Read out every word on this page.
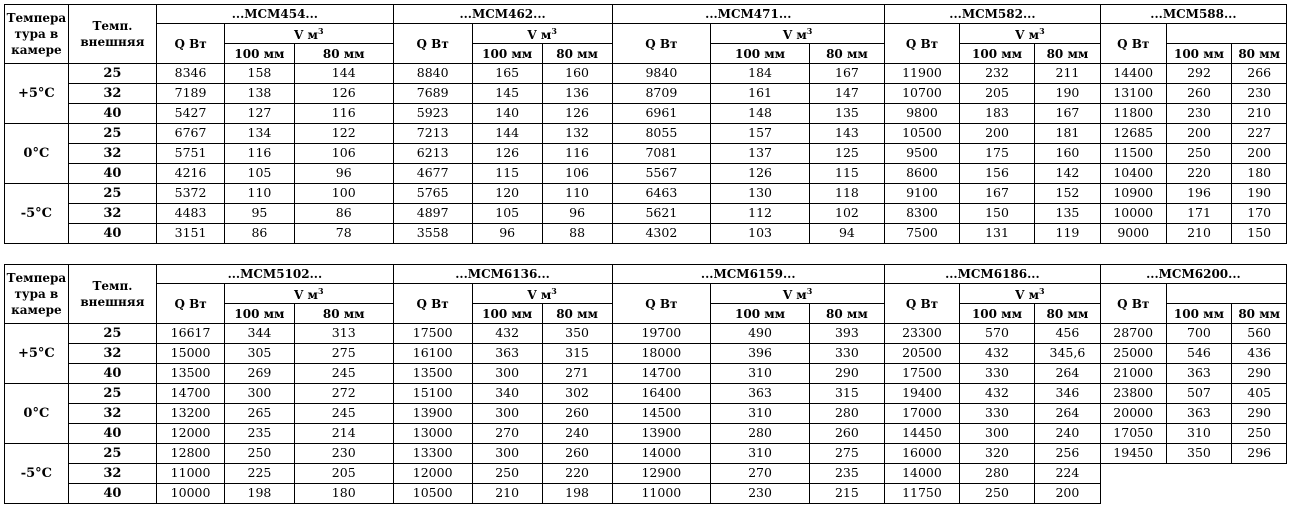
Темпера тура в камере	Темп. внешняя	...МСМ454...			...МСМ462...			...МСМ471...			...МСМ582...			...МСМ588...		
		Q Вт	V $м^3$		Q Вт	V $м^3$		Q Вт	V $м^3$		Q Вт	V $м^3$		Q Вт		
			100 мм	80 мм		100 мм	80 мм		100 мм	80 мм		100 мм	80 мм		100 мм	80 мм
+5°С	25	8346	158	144	8840	165	160	9840	184	167	11900	232	211	14400	292	266
	32	7189	138	126	7689	145	136	8709	161	147	10700	205	190	13100	260	230
	40	5427	127	116	5923	140	126	6961	148	135	9800	183	167	11800	230	210
0°С	25	6767	134	122	7213	144	132	8055	157	143	10500	200	181	12685	200	227
	32	5751	116	106	6213	126	116	7081	137	125	9500	175	160	11500	250	200
	40	4216	105	96	4677	115	106	5567	126	115	8600	156	142	10400	220	180
-5°С	25	5372	110	100	5765	120	110	6463	130	118	9100	167	152	10900	196	190
	32	4483	95	86	4897	105	96	5621	112	102	8300	150	135	10000	171	170
	40	3151	86	78	3558	96	88	4302	103	94	7500	131	119	9000	210	150
Темпера тура в камере	Темп. внешняя	...МСМ5102...			...МСМ6136...			...МСМ6159...			...МСМ6186...			...МСМ6200...		
		Q Вт	V $м^3$		Q Вт	V $м^3$		Q Вт	V $м^3$		Q Вт	V $м^3$		Q Вт		
			100 мм	80 мм		100 мм	80 мм		100 мм	80 мм		100 мм	80 мм		100 мм	80 мм
+5°С	25	16617	344	313	17500	432	350	19700	490	393	23300	570	456	28700	700	560
	32	15000	305	275	16100	363	315	18000	396	330	20500	432	345,6	25000	546	436
	40	13500	269	245	13500	300	271	14700	310	290	17500	330	264	21000	363	290
0°С	25	14700	300	272	15100	340	302	16400	363	315	19400	432	346	23800	507	405
	32	13200	265	245	13900	300	260	14500	310	280	17000	330	264	20000	363	290
	40	12000	235	214	13000	270	240	13900	280	260	14450	300	240	17050	310	250
-5°С	25	12800	250	230	13300	300	260	14000	310	275	16000	320	256	19450	350	296
	32	11000	225	205	12000	250	220	12900	270	235	14000	280	224			
	40	10000	198	180	10500	210	198	11000	230	215	11750	250	200			
